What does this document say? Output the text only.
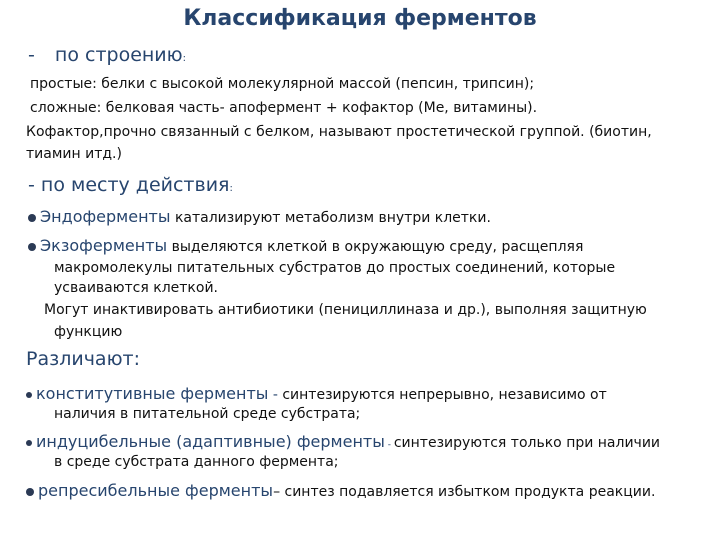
Классификация ферментов
- по строению:
простые: белки с высокой молекулярной массой (пепсин, трипсин);
сложные: белковая часть- апофермент + кофактор (Ме, витамины).
Кофактор,прочно связанный с белком, называют простетической группой. (биотин,
тиамин итд.)
- по месту действия:
Эндоферменты катализируют метаболизм внутри клетки.
Экзоферменты выделяются клеткой в окружающую среду, расщепляя
макромолекулы питательных субстратов до простых соединений, которые
усваиваются клеткой.
Могут инактивировать антибиотики (пенициллиназа и др.), выполняя защитную
функцию
Различают:
конститутивные ферменты - синтезируются непрерывно, независимо от
наличия в питательной среде субстрата;
индуцибельные (адаптивные) ферменты - синтезируются только при наличии
в среде субстрата данного фермента;
репресибельные ферменты– синтез подавляется избытком продукта реакции.
